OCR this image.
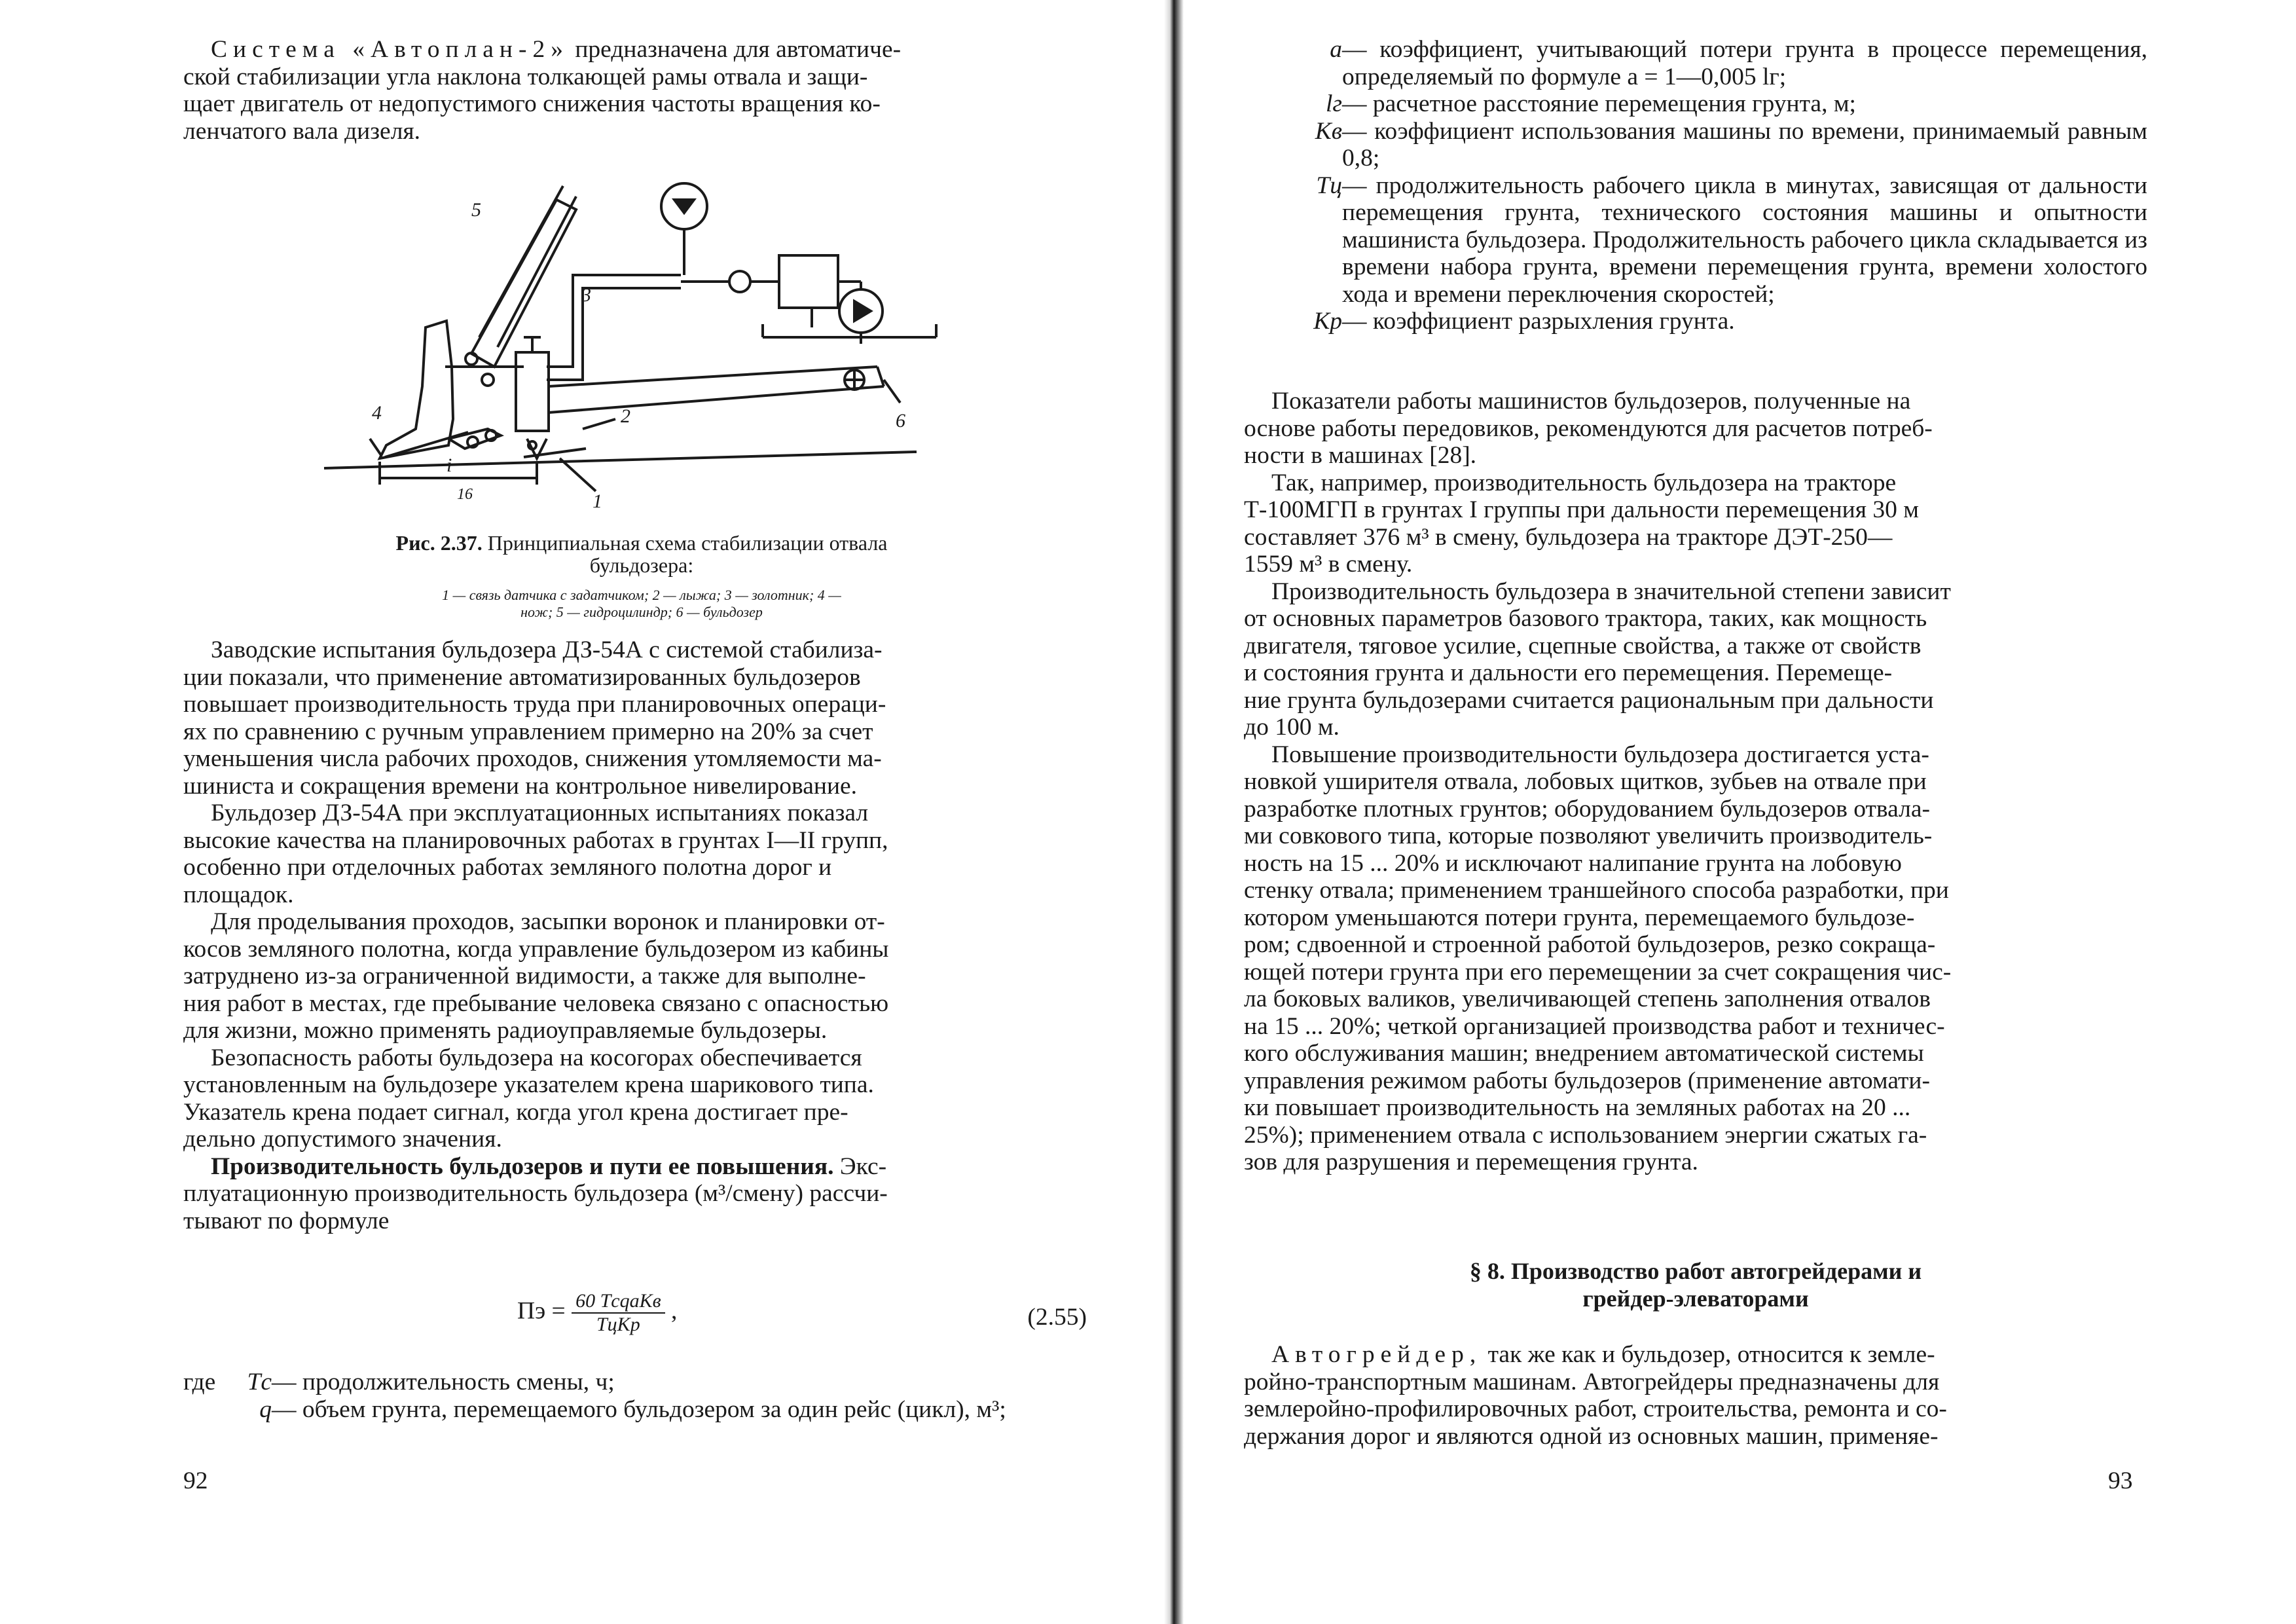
Система «Автоплан-2» предназначена для автоматиче-

ской стабилизации угла наклона толкающей рамы отвала и защи-

щает двигатель от недопустимого снижения частоты вращения ко-

ленчатого вала дизеля.

4
5
3
2
1
6
i
16
Рис. 2.37. Принципиальная схема стабилизации отвала
бульдозера:
1 — связь датчика с задатчиком; 2 — лыжа; 3 — золотник; 4 —
нож; 5 — гидроцилиндр; 6 — бульдозер

Заводские испытания бульдозера ДЗ-54А с системой стабилиза-

ции показали, что применение автоматизированных бульдозеров

повышает производительность труда при планировочных операци-

ях по сравнению с ручным управлением примерно на 20% за счет

уменьшения числа рабочих проходов, снижения утомляемости ма-

шиниста и сокращения времени на контрольное нивелирование.

Бульдозер ДЗ-54А при эксплуатационных испытаниях показал

высокие качества на планировочных работах в грунтах I—II групп,

особенно при отделочных работах земляного полотна дорог и

площадок.

Для проделывания проходов, засыпки воронок и планировки от-

косов земляного полотна, когда управление бульдозером из кабины

затруднено из-за ограниченной видимости, а также для выполне-

ния работ в местах, где пребывание человека связано с опасностью

для жизни, можно применять радиоуправляемые бульдозеры.

Безопасность работы бульдозера на косогорах обеспечивается

установленным на бульдозере указателем крена шарикового типа.

Указатель крена подает сигнал, когда угол крена достигает пре-

дельно допустимого значения.

Производительность бульдозеров и пути ее повышения. Экс-

плуатационную производительность бульдозера (м³/смену) рассчи-

тывают по формуле

Пэ = $\frac{\text{60 TсqaKв}}{\text{TцKр}}$ ,	(2.55)
где	Tс — продолжительность смены, ч;
q — объем грунта, перемещаемого бульдозером за один рейс (цикл), м³;
92
a — коэффициент, учитывающий потери грунта в процессе перемещения, определяемый по формуле a = 1—0,005 lг;
lг — расчетное расстояние перемещения грунта, м;
Kв — коэффициент использования машины по времени, принимаемый равным 0,8;
Tц — продолжительность рабочего цикла в минутах, зависящая от дальности перемещения грунта, технического состояния машины и опытности машиниста бульдозера. Продолжительность рабочего цикла складывается из времени набора грунта, времени перемещения грунта, времени холостого хода и времени переключения скоростей;
Kр — коэффициент разрыхления грунта.

Показатели работы машинистов бульдозеров, полученные на

основе работы передовиков, рекомендуются для расчетов потреб-

ности в машинах [28].

Так, например, производительность бульдозера на тракторе

Т-100МГП в грунтах I группы при дальности перемещения 30 м

составляет 376 м³ в смену, бульдозера на тракторе ДЭТ-250—

1559 м³ в смену.

Производительность бульдозера в значительной степени зависит

от основных параметров базового трактора, таких, как мощность

двигателя, тяговое усилие, сцепные свойства, а также от свойств

и состояния грунта и дальности его перемещения. Перемеще-

ние грунта бульдозерами считается рациональным при дальности

до 100 м.

Повышение производительности бульдозера достигается уста-

новкой уширителя отвала, лобовых щитков, зубьев на отвале при

разработке плотных грунтов; оборудованием бульдозеров отвала-

ми совкового типа, которые позволяют увеличить производитель-

ность на 15 ... 20% и исключают налипание грунта на лобовую

стенку отвала; применением траншейного способа разработки, при

котором уменьшаются потери грунта, перемещаемого бульдозе-

ром; сдвоенной и строенной работой бульдозеров, резко сокраща-

ющей потери грунта при его перемещении за счет сокращения чис-

ла боковых валиков, увеличивающей степень заполнения отвалов

на 15 ... 20%; четкой организацией производства работ и техничес-

кого обслуживания машин; внедрением автоматической системы

управления режимом работы бульдозеров (применение автомати-

ки повышает производительность на земляных работах на 20 ...

25%); применением отвала с использованием энергии сжатых га-

зов для разрушения и перемещения грунта.

§ 8. Производство работ автогрейдерами и
грейдер-элеваторами

Автогрейдер, так же как и бульдозер, относится к земле-

ройно-транспортным машинам. Автогрейдеры предназначены для

землеройно-профилировочных работ, строительства, ремонта и со-

держания дорог и являются одной из основных машин, применяе-

93
